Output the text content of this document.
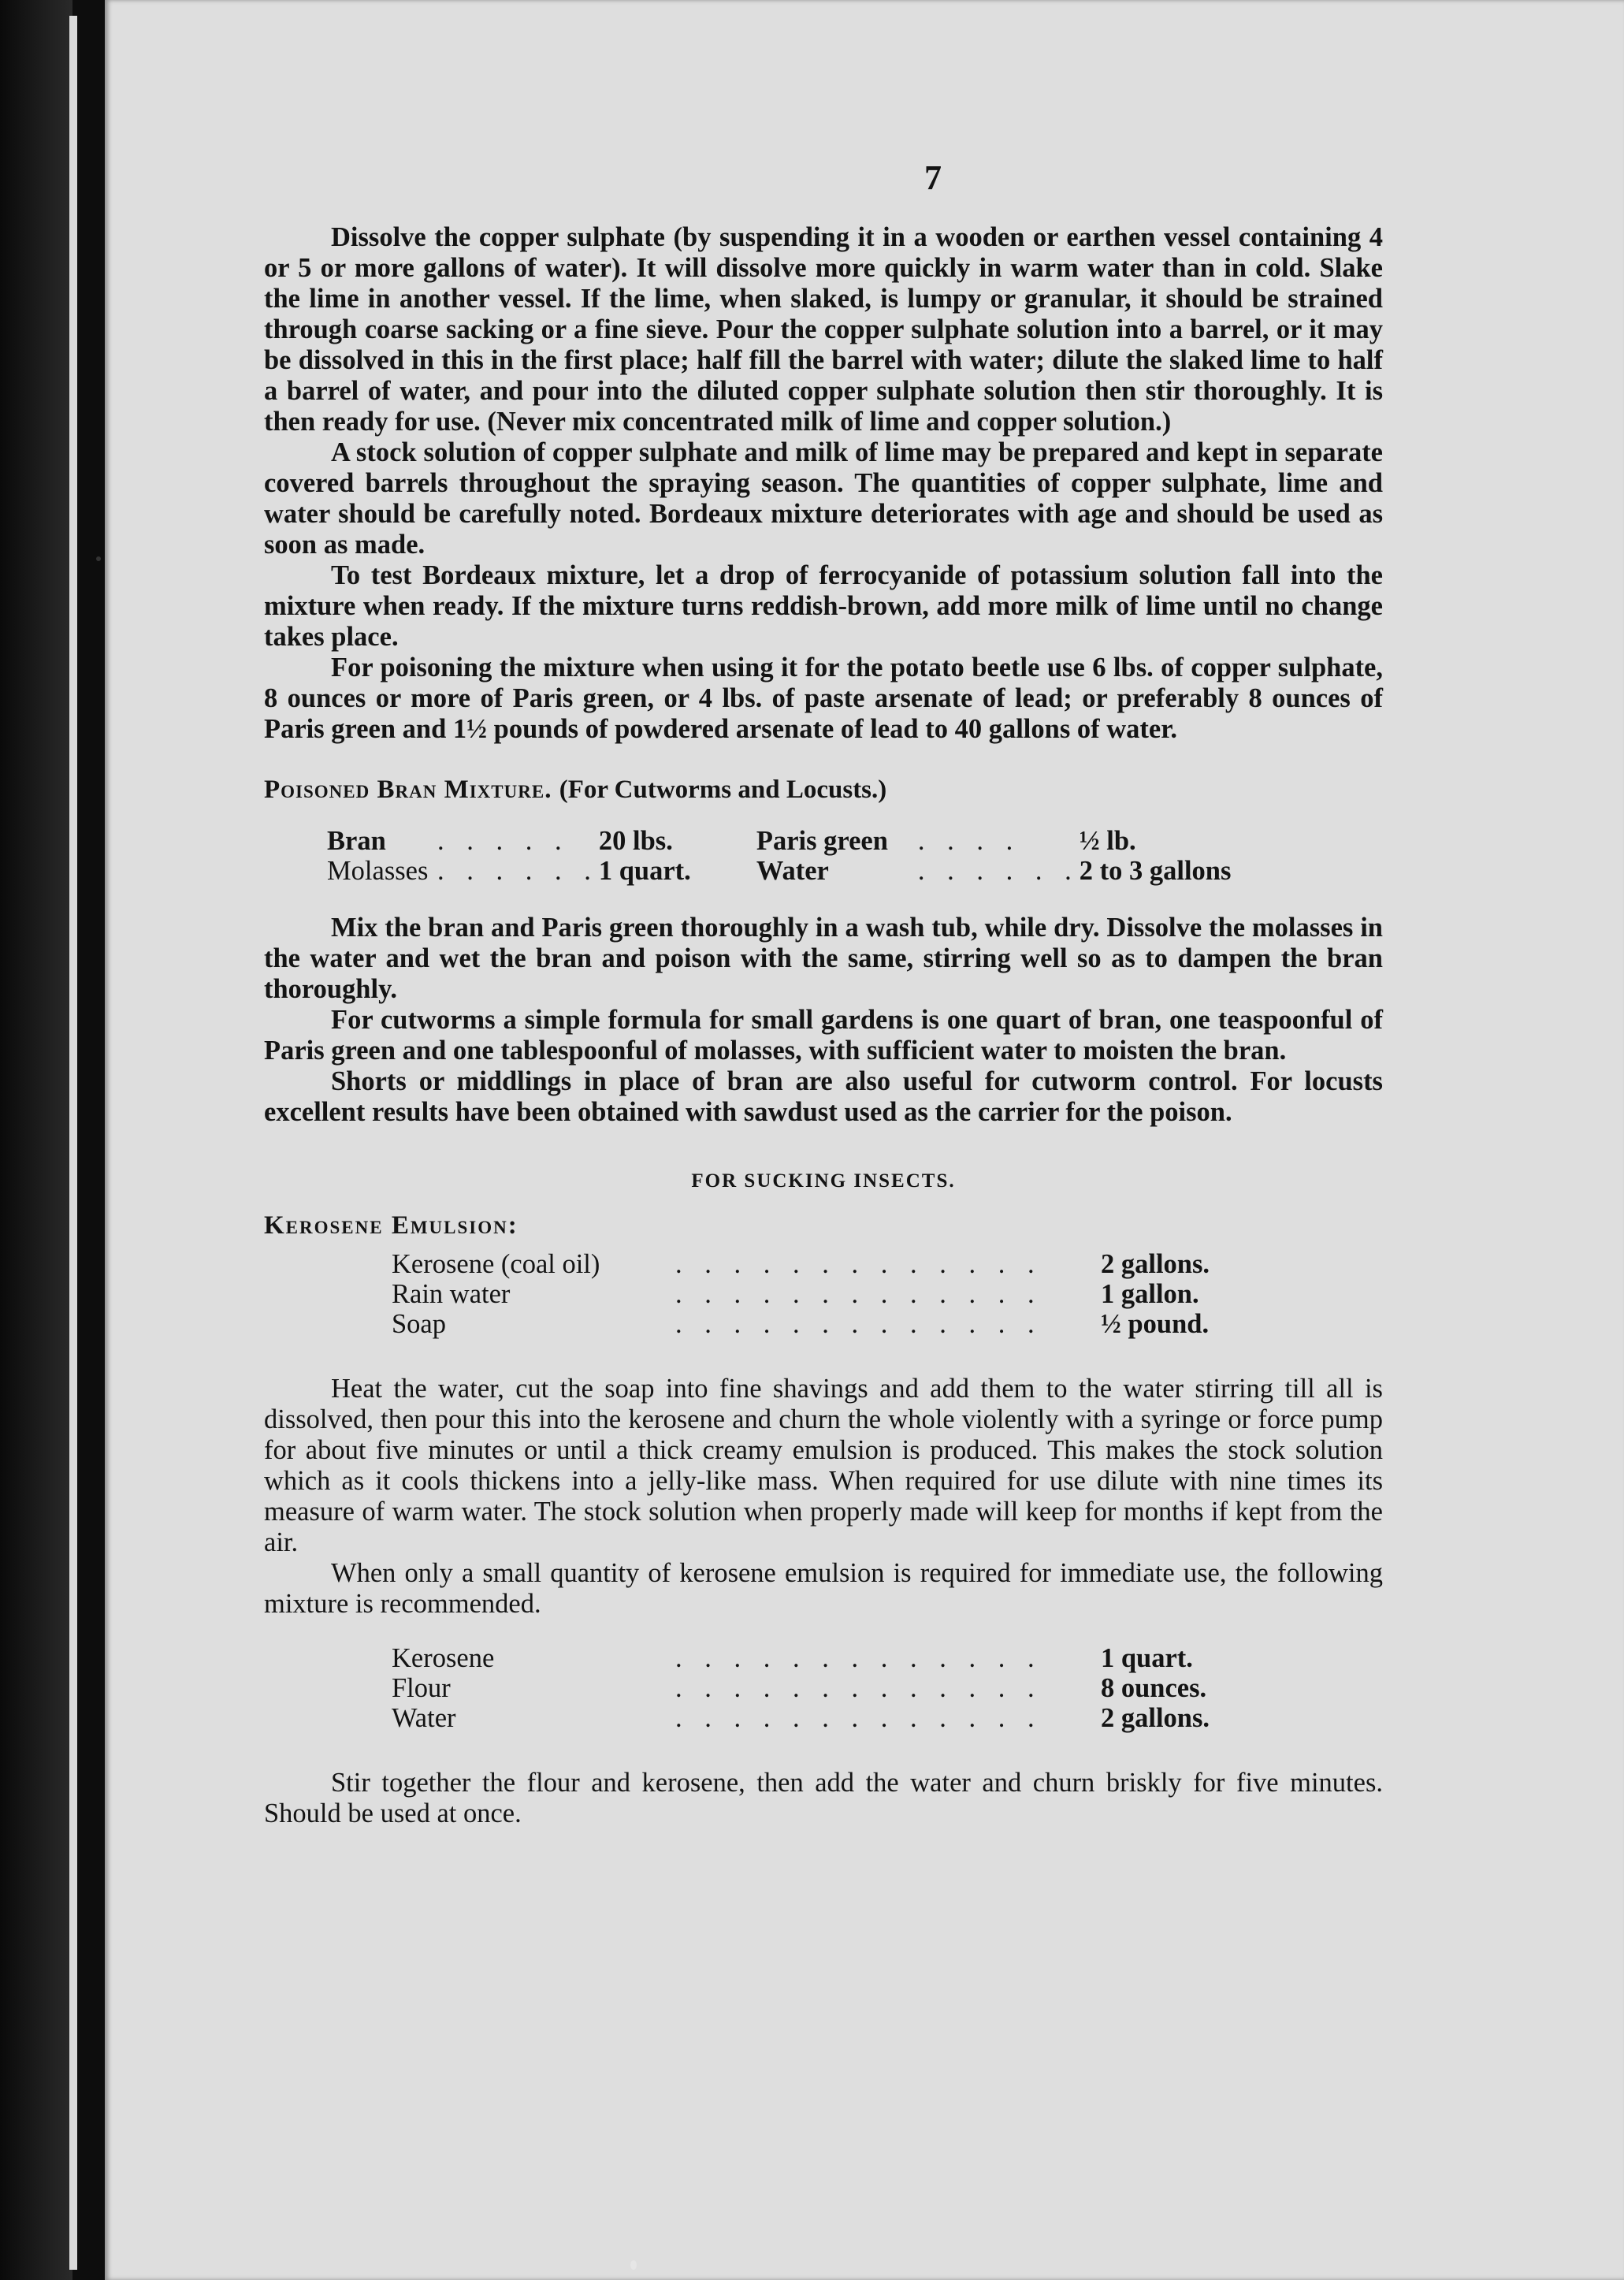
7

Dissolve the copper sulphate (by suspending it in a wooden or earthen vessel containing 4 or 5 or more gallons of water). It will dissolve more quickly in warm water than in cold. Slake the lime in another vessel. If the lime, when slaked, is lumpy or granular, it should be strained through coarse sacking or a fine sieve. Pour the copper sulphate solution into a barrel, or it may be dissolved in this in the first place; half fill the barrel with water; dilute the slaked lime to half a barrel of water, and pour into the diluted copper sulphate solution then stir thoroughly. It is then ready for use. (Never mix concentrated milk of lime and copper solution.)

A stock solution of copper sulphate and milk of lime may be prepared and kept in separate covered barrels throughout the spraying season. The quantities of copper sulphate, lime and water should be carefully noted. Bordeaux mixture deteriorates with age and should be used as soon as made.

To test Bordeaux mixture, let a drop of ferrocyanide of potassium solution fall into the mixture when ready. If the mixture turns reddish-brown, add more milk of lime until no change takes place.

For poisoning the mixture when using it for the potato beetle use 6 lbs. of copper sulphate, 8 ounces or more of Paris green, or 4 lbs. of paste arsenate of lead; or preferably 8 ounces of Paris green and 1½ pounds of powdered arsenate of lead to 40 gallons of water.

Poisoned Bran Mixture. (For Cutworms and Locusts.)
Bran	. . . . .	20 lbs.	Paris green	. . . .	½ lb.
Molasses	. . . . . .	1 quart.	Water	. . . . . .	2 to 3 gallons

Mix the bran and Paris green thoroughly in a wash tub, while dry. Dissolve the molasses in the water and wet the bran and poison with the same, stirring well so as to dampen the bran thoroughly.

For cutworms a simple formula for small gardens is one quart of bran, one teaspoonful of Paris green and one tablespoonful of molasses, with sufficient water to moisten the bran.

Shorts or middlings in place of bran are also useful for cutworm control. For locusts excellent results have been obtained with sawdust used as the carrier for the poison.

FOR SUCKING INSECTS.
Kerosene Emulsion:
Kerosene (coal oil)	. . . . . . . . . . . . .	2 gallons.
Rain water	. . . . . . . . . . . . .	1 gallon.
Soap	. . . . . . . . . . . . .	½ pound.

Heat the water, cut the soap into fine shavings and add them to the water stirring till all is dissolved, then pour this into the kerosene and churn the whole violently with a syringe or force pump for about five minutes or until a thick creamy emulsion is produced. This makes the stock solution which as it cools thickens into a jelly-like mass. When required for use dilute with nine times its measure of warm water. The stock solution when properly made will keep for months if kept from the air.

When only a small quantity of kerosene emulsion is required for immediate use, the following mixture is recommended.

Kerosene	. . . . . . . . . . . . .	1 quart.
Flour	. . . . . . . . . . . . .	8 ounces.
Water	. . . . . . . . . . . . .	2 gallons.

Stir together the flour and kerosene, then add the water and churn briskly for five minutes. Should be used at once.
